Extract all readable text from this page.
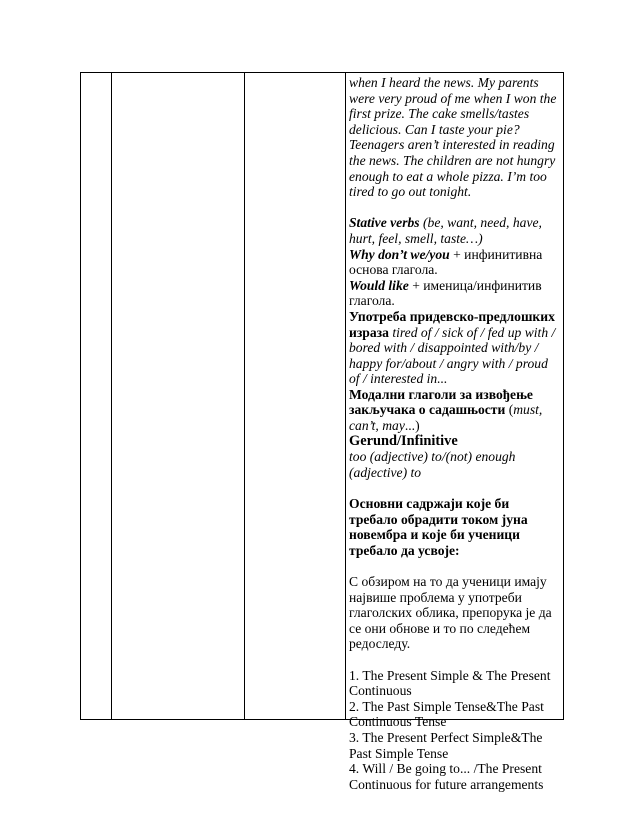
when I heard the news. My parents were very proud of me when I won the first prize. The cake smells/tastes delicious. Can I taste your pie? Teenagers aren’t interested in reading the news. The children are not hungry enough to eat a whole pizza. I’m too tired to go out tonight.

Stative verbs (be, want, need, have, hurt, feel, smell, taste…)

Why don’t we/you + инфинитивна основа глагола.

Would like + именица/инфинитив глагола.

Употреба придевско-предлошких израза tired of / sick of / fed up with / bored with / disappointed with/by / happy for/about / angry with / proud of / interested in...

Модални глаголи за извођење закључака о садашњости (must, can’t, may...)

Gerund/Infinitive

too (adjective) to/(not) enough (adjective) to

Основни садржаји које би требало обрадити током јуна новембра и које би ученици требало да усвоје:

С обзиром на то да ученици имају највише проблема у употреби глаголских облика, препорука је да се они обнове и то по следећем редоследу.

1. The Present Simple & The Present Continuous

2. The Past Simple Tense&The Past Continuous Tense

3. The Present Perfect Simple&The Past Simple Tense

4. Will / Be going to... /The Present Continuous for future arrangements
